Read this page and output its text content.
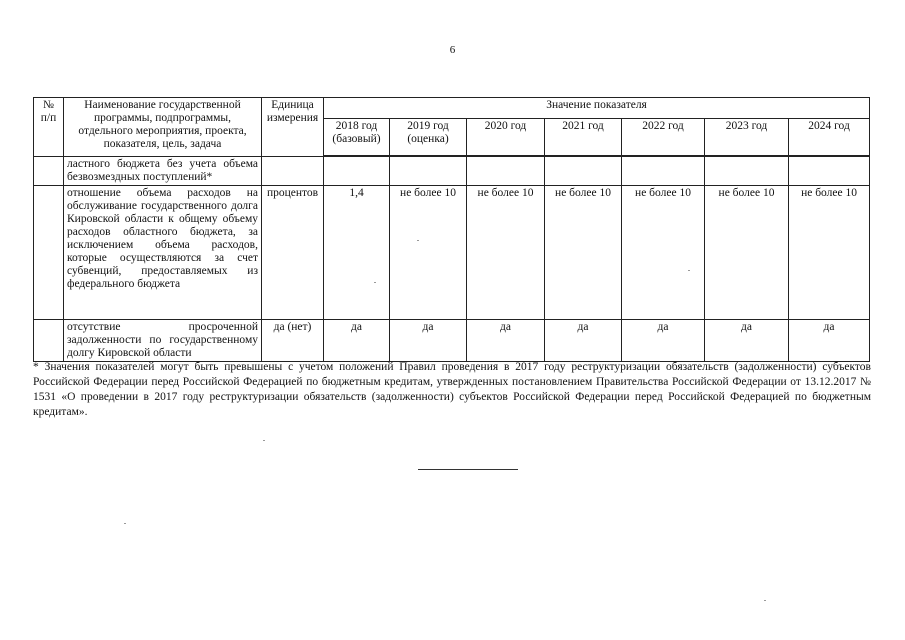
6
№ п/п	Наименование государственной программы, подпрограммы, отдельного мероприятия, проекта, показателя, цель, задача	Единица измерения	Значение показателя						
			2018 год (базовый)	2019 год (оценка)	2020 год	2021 год	2022 год	2023 год	2024 год

	ластного бюджета без учета объема безвозмездных поступлений*								
	отношение объема расходов на обслуживание государственного долга Кировской области к общему объему расходов областного бюджета, за исключением объема расходов, которые осуществляются за счет субвенций, предоставляемых из федерального бюджета	процентов	1,4	не более 10	не более 10	не более 10	не более 10	не более 10	не более 10
	отсутствие просроченной задолженности по государственному долгу Кировской области	да (нет)	да	да	да	да	да	да	да

* Значения показателей могут быть превышены с учетом положений Правил проведения в 2017 году реструктуризации обязательств (задолженности) субъектов Российской Федерации перед Российской Федерацией по бюджетным кредитам, утвержденных постановлением Правительства Российской Федерации от 13.12.2017 № 1531 «О проведении в 2017 году реструктуризации обязательств (задолженности) субъектов Российской Федерации перед Российской Федерацией по бюджетным кредитам».
